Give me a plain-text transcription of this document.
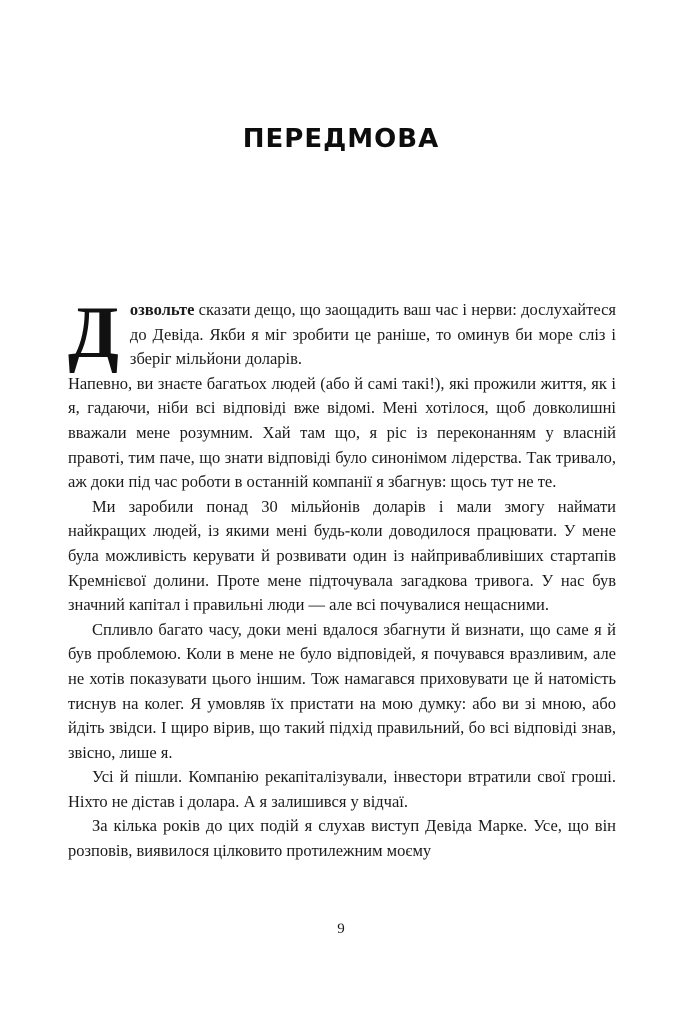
ПЕРЕДМОВА

Дозвольте сказати дещо, що заощадить ваш час і нерви: дослухайтеся до Девіда. Якби я міг зробити це раніше, то оминув би море сліз і зберіг мільйони доларів.

Напевно, ви знаєте багатьох людей (або й самі такі!), які прожили життя, як і я, гадаючи, ніби всі відповіді вже відомі. Мені хотілося, щоб довколишні вважали мене розумним. Хай там що, я ріс із переконанням у власній правоті, тим паче, що знати відповіді було синонімом лідерства. Так тривало, аж доки під час роботи в останній компанії я збагнув: щось тут не те.

Ми заробили понад 30 мільйонів доларів і мали змогу наймати найкращих людей, із якими мені будь-коли доводилося працювати. У мене була можливість керувати й розвивати один із найпривабливіших стартапів Кремнієвої долини. Проте мене підточувала загадкова тривога. У нас був значний капітал і правильні люди — але всі почувалися нещасними.

Спливло багато часу, доки мені вдалося збагнути й визнати, що саме я й був проблемою. Коли в мене не було відповідей, я почувався вразливим, але не хотів показувати цього іншим. Тож намагався приховувати це й натомість тиснув на колег. Я умовляв їх пристати на мою думку: або ви зі мною, або йдіть звідси. І щиро вірив, що такий підхід правильний, бо всі відповіді знав, звісно, лише я.

Усі й пішли. Компанію рекапіталізували, інвестори втратили свої гроші. Ніхто не дістав і долара. А я залишився у відчаї.

За кілька років до цих подій я слухав виступ Девіда Марке. Усе, що він розповів, виявилося цілковито протилежним моєму

9
